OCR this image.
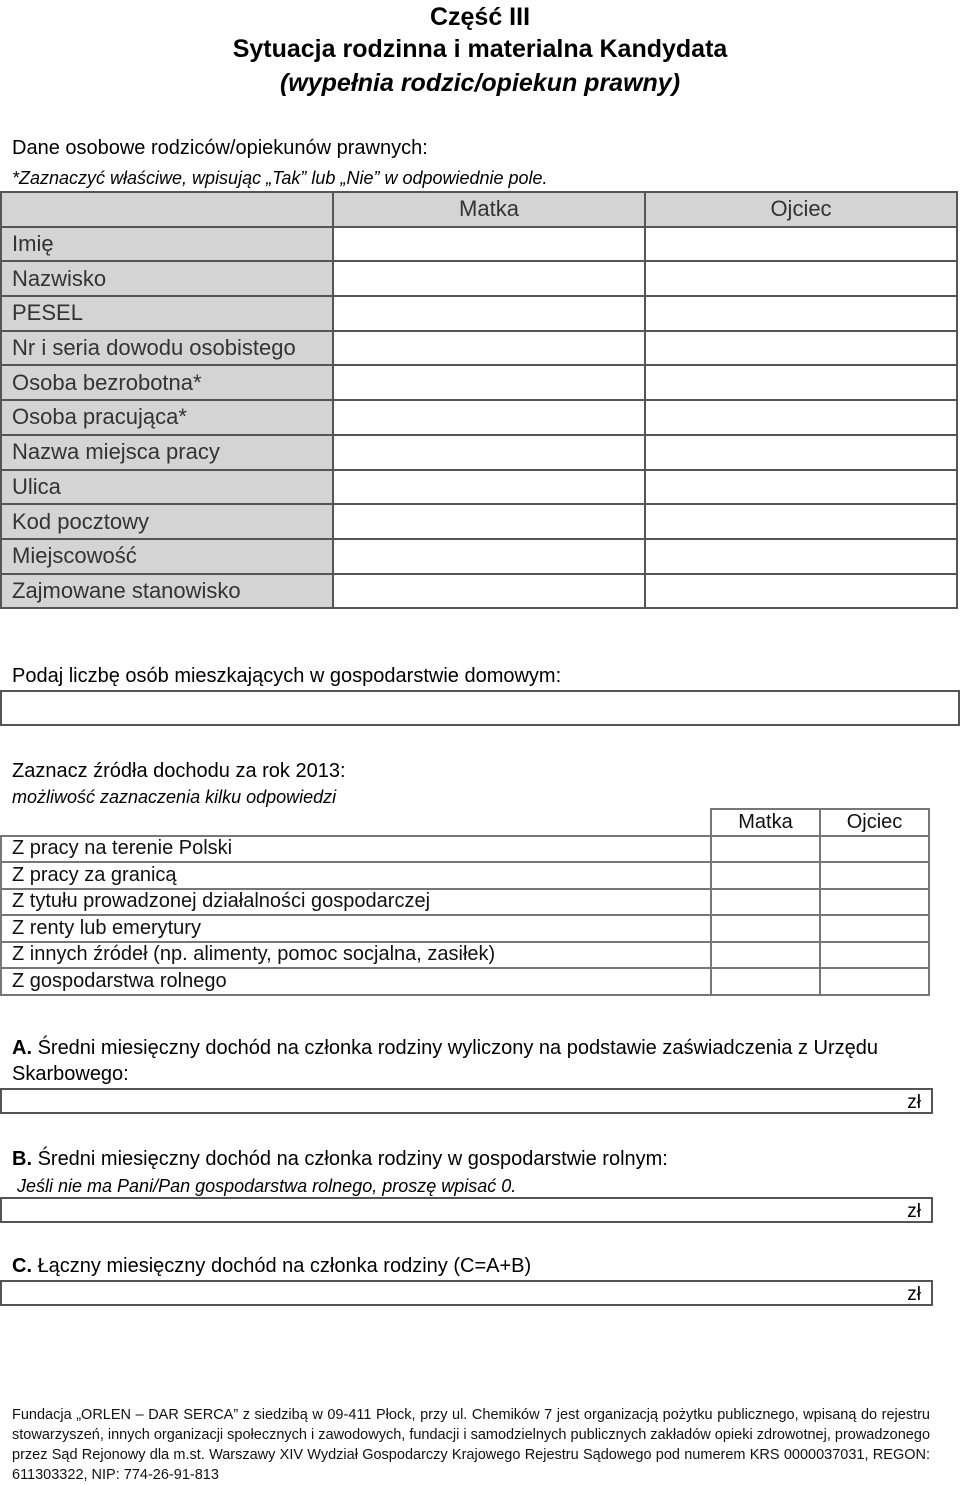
Część III
Sytuacja rodzinna i materialna Kandydata
(wypełnia rodzic/opiekun prawny)
Dane osobowe rodziców/opiekunów prawnych:
*Zaznaczyć właściwe, wpisując „Tak” lub „Nie” w odpowiednie pole.
	Matka	Ojciec
Imię		
Nazwisko		
PESEL		
Nr i seria dowodu osobistego		
Osoba bezrobotna*		
Osoba pracująca*		
Nazwa miejsca pracy		
Ulica		
Kod pocztowy		
Miejscowość		
Zajmowane stanowisko		
Podaj liczbę osób mieszkających w gospodarstwie domowym:
Zaznacz źródła dochodu za rok 2013:
możliwość zaznaczenia kilku odpowiedzi
	Matka	Ojciec
Z pracy na terenie Polski		
Z pracy za granicą		
Z tytułu prowadzonej działalności gospodarczej		
Z renty lub emerytury		
Z innych źródeł (np. alimenty, pomoc socjalna, zasiłek)		
Z gospodarstwa rolnego		
A. Średni miesięczny dochód na członka rodziny wyliczony na podstawie zaświadczenia z Urzędu Skarbowego:
zł
B. Średni miesięczny dochód na członka rodziny w gospodarstwie rolnym:
Jeśli nie ma Pani/Pan gospodarstwa rolnego, proszę wpisać 0.
zł
C. Łączny miesięczny dochód na członka rodziny (C=A+B)
zł
Fundacja „ORLEN – DAR SERCA” z siedzibą w 09-411 Płock, przy ul. Chemików 7 jest organizacją pożytku publicznego, wpisaną do rejestru stowarzyszeń, innych organizacji społecznych i zawodowych, fundacji i samodzielnych publicznych zakładów opieki zdrowotnej, prowadzonego przez Sąd Rejonowy dla m.st. Warszawy XIV Wydział Gospodarczy Krajowego Rejestru Sądowego pod numerem KRS 0000037031, REGON: 611303322, NIP: 774-26-91-813
